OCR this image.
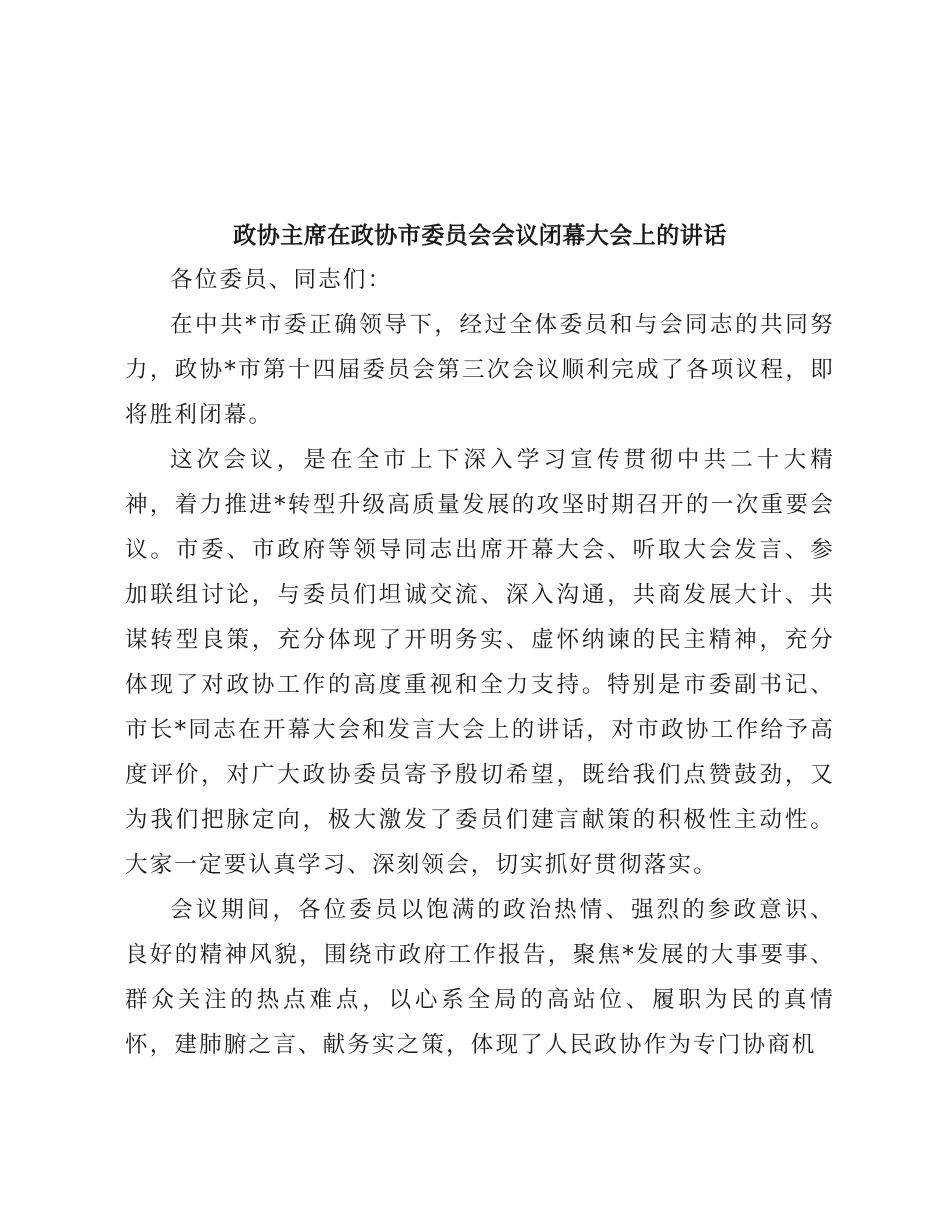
政协主席在政协市委员会会议闭幕大会上的讲话

各位委员、同志们：

在中共*市委正确领导下，经过全体委员和与会同志的共同努力，政协*市第十四届委员会第三次会议顺利完成了各项议程，即将胜利闭幕。

这次会议，是在全市上下深入学习宣传贯彻中共二十大精神，着力推进*转型升级高质量发展的攻坚时期召开的一次重要会议。市委、市政府等领导同志出席开幕大会、听取大会发言、参加联组讨论，与委员们坦诚交流、深入沟通，共商发展大计、共谋转型良策，充分体现了开明务实、虚怀纳谏的民主精神，充分体现了对政协工作的高度重视和全力支持。特别是市委副书记、市长*同志在开幕大会和发言大会上的讲话，对市政协工作给予高度评价，对广大政协委员寄予殷切希望，既给我们点赞鼓劲，又为我们把脉定向，极大激发了委员们建言献策的积极性主动性。大家一定要认真学习、深刻领会，切实抓好贯彻落实。

会议期间，各位委员以饱满的政治热情、强烈的参政意识、良好的精神风貌，围绕市政府工作报告，聚焦*发展的大事要事、群众关注的热点难点，以心系全局的高站位、履职为民的真情怀，建肺腑之言、献务实之策，体现了人民政协作为专门协商机
